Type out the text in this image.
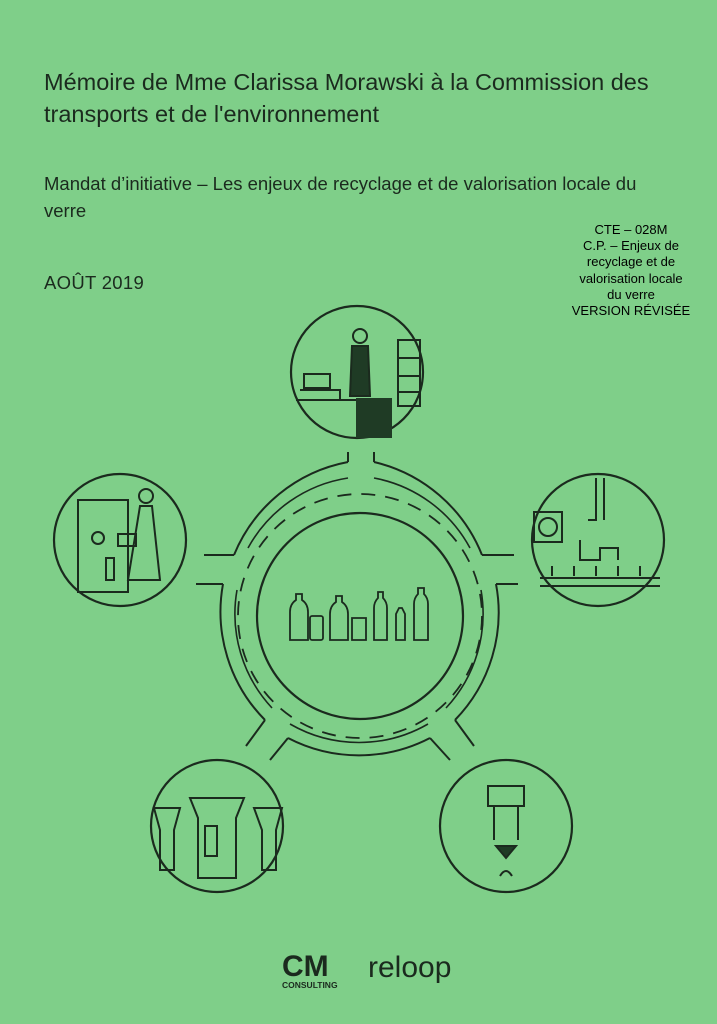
Mémoire de Mme Clarissa Morawski à la Commission des transports et de l'environnement

Mandat d’initiative – Les enjeux de recyclage et de valorisation locale du verre

AOÛT 2019
CTE – 028M
C.P. – Enjeux de
recyclage et de
valorisation locale
du verre
VERSION RÉVISÉE
CM
CONSULTING
reloop
